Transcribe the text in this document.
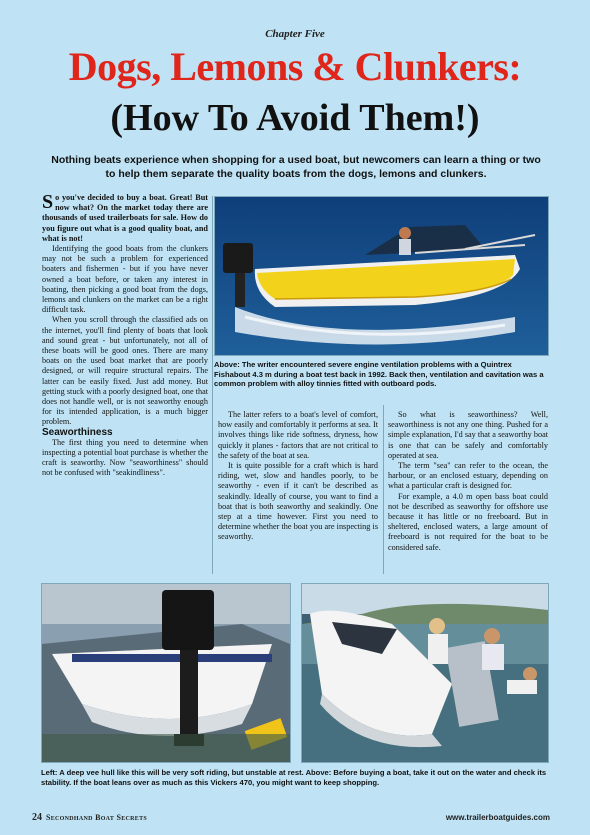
Chapter Five
Dogs, Lemons & Clunkers:
(How To Avoid Them!)
Nothing beats experience when shopping for a used boat, but newcomers can learn a thing or two to help them separate the quality boats from the dogs, lemons and clunkers.

So you've decided to buy a boat. Great! But now what? On the market today there are thousands of used trailerboats for sale. How do you figure out what is a good quality boat, and what is not!

Identifying the good boats from the clunkers may not be such a problem for experienced boaters and fishermen - but if you have never owned a boat before, or taken any interest in boating, then picking a good boat from the dogs, lemons and clunkers on the market can be a right difficult task.

When you scroll through the classified ads on the internet, you'll find plenty of boats that look and sound great - but unfortunately, not all of these boats will be good ones. There are many boats on the used boat market that are poorly designed, or will require structural repairs. The latter can be easily fixed. Just add money. But getting stuck with a poorly designed boat, one that does not handle well, or is not seaworthy enough for its intended application, is a much bigger problem.

Seaworthiness

The first thing you need to determine when inspecting a potential boat purchase is whether the craft is seaworthy. Now "seaworthiness" should not be confused with "seakindliness".

Above: The writer encountered severe engine ventilation problems with a Quintrex Fishabout 4.3 m during a boat test back in 1992. Back then, ventilation and cavitation was a common problem with alloy tinnies fitted with outboard pods.

The latter refers to a boat's level of comfort, how easily and comfortably it performs at sea. It involves things like ride softness, dryness, how quickly it planes - factors that are not critical to the safety of the boat at sea.

It is quite possible for a craft which is hard riding, wet, slow and handles poorly, to be seaworthy - even if it can't be described as seakindly. Ideally of course, you want to find a boat that is both seaworthy and seakindly. One step at a time however. First you need to determine whether the boat you are inspecting is seaworthy.

So what is seaworthiness? Well, seaworthiness is not any one thing. Pushed for a simple explanation, I'd say that a seaworthy boat is one that can be safely and comfortably operated at sea.

The term "sea" can refer to the ocean, the harbour, or an enclosed estuary, depending on what a particular craft is designed for.

For example, a 4.0 m open bass boat could not be described as seaworthy for offshore use because it has little or no freeboard. But in sheltered, enclosed waters, a large amount of freeboard is not required for the boat to be considered safe.

Left: A deep vee hull like this will be very soft riding, but unstable at rest. Above: Before buying a boat, take it out on the water and check its stability. If the boat leans over as much as this Vickers 470, you might want to keep shopping.
24 Secondhand Boat Secrets	www.trailerboatguides.com
